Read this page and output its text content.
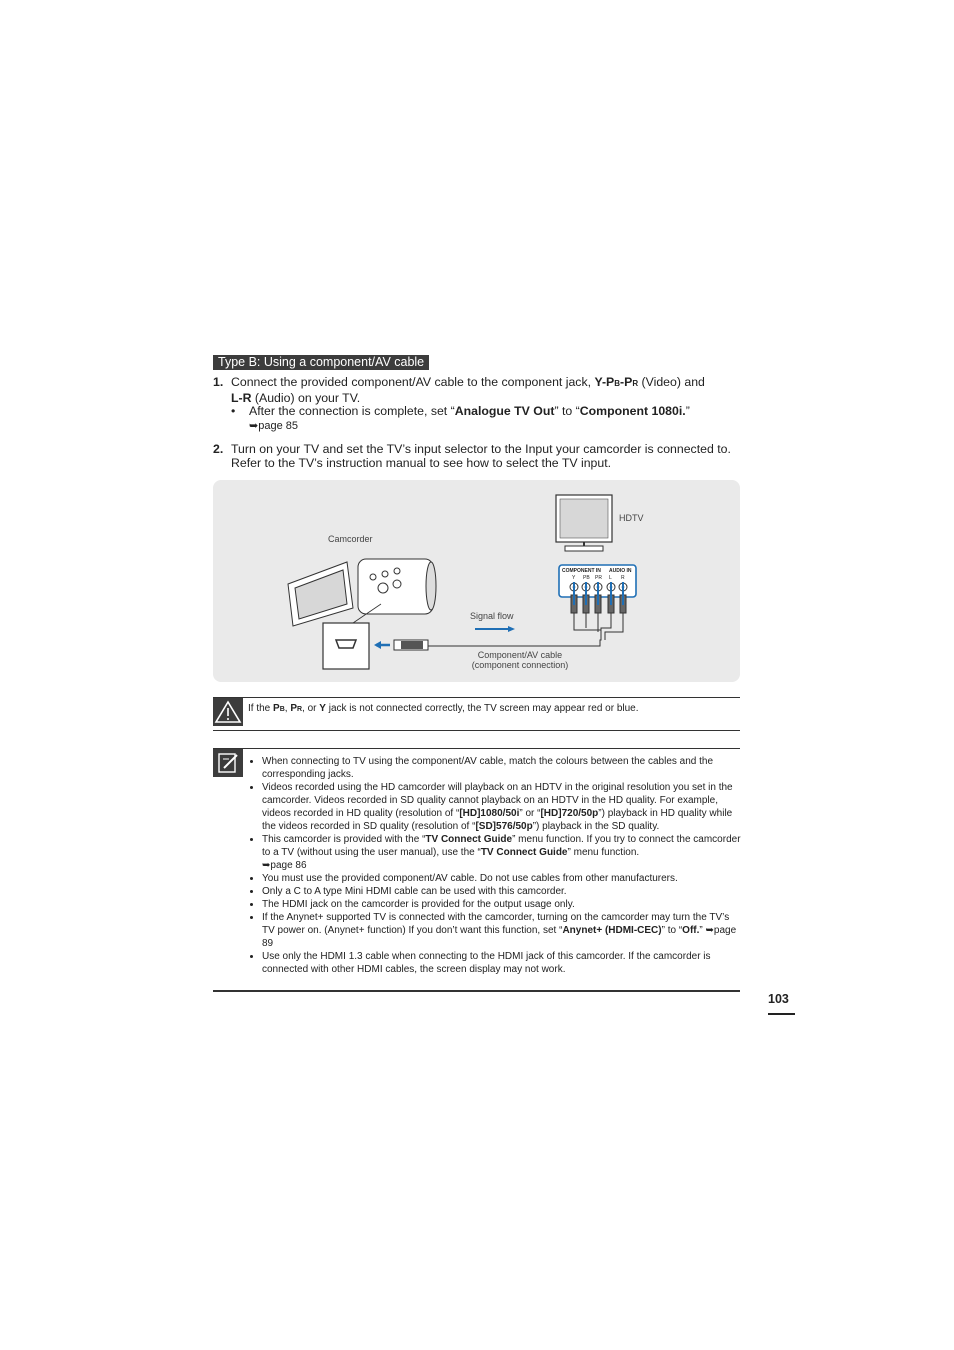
Type B: Using a component/AV cable
1. Connect the provided component/AV cable to the component jack, Y-PB-PR (Video) and
L-R (Audio) on your TV.
• After the connection is complete, set “Analogue TV Out” to “Component 1080i.”
➥page 85
2. Turn on your TV and set the TV’s input selector to the Input your camcorder is connected to. Refer to the TV’s instruction manual to see how to select the TV input.
Camcorder
HDTV
Signal flow
Component/AV cable
(component connection)
COMPONENT IN AUDIO IN
Y PB PR L R
If the PB, PR, or Y jack is not connected correctly, the TV screen may appear red or blue.
• When connecting to TV using the component/AV cable, match the colours between the cables and the corresponding jacks.
• Videos recorded using the HD camcorder will playback on an HDTV in the original resolution you set in the camcorder. Videos recorded in SD quality cannot playback on an HDTV in the HD quality. For example, videos recorded in HD quality (resolution of “[HD]1080/50i” or “[HD]720/50p”) playback in HD quality while the videos recorded in SD quality (resolution of “[SD]576/50p”) playback in the SD quality.
• This camcorder is provided with the “TV Connect Guide” menu function. If you try to connect the camcorder to a TV (without using the user manual), use the “TV Connect Guide” menu function.
➥page 86
• You must use the provided component/AV cable. Do not use cables from other manufacturers.
• Only a C to A type Mini HDMI cable can be used with this camcorder.
• The HDMI jack on the camcorder is provided for the output usage only.
• If the Anynet+ supported TV is connected with the camcorder, turning on the camcorder may turn the TV’s TV power on. (Anynet+ function) If you don’t want this function, set “Anynet+ (HDMI-CEC)” to “Off.” ➥page 89
• Use only the HDMI 1.3 cable when connecting to the HDMI jack of this camcorder. If the camcorder is connected with other HDMI cables, the screen display may not work.
103
